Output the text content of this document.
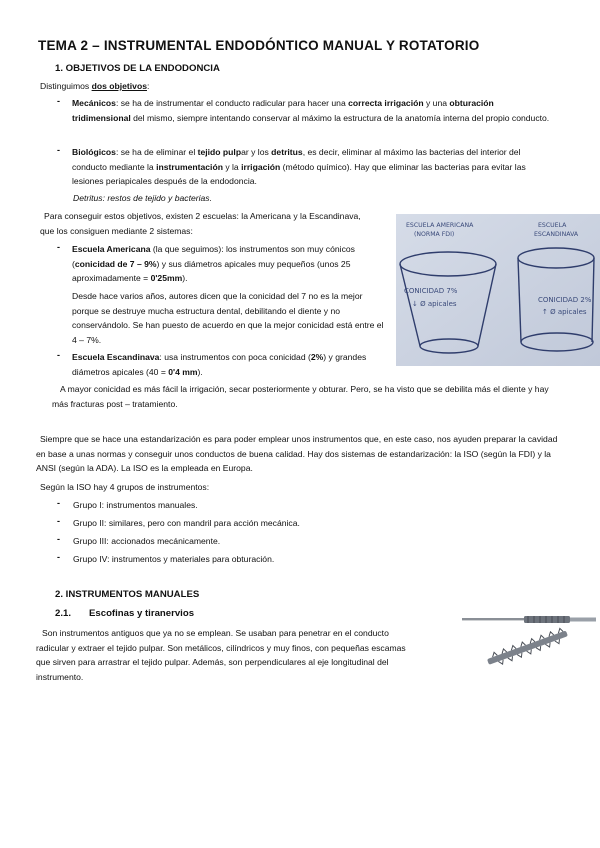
TEMA 2 – INSTRUMENTAL ENDODÓNTICO MANUAL Y ROTATORIO
1. OBJETIVOS DE LA ENDODONCIA
Distinguimos dos objetivos:
- Mecánicos: se ha de instrumentar el conducto radicular para hacer una correcta irrigación y una obturación tridimensional del mismo, siempre intentando conservar al máximo la estructura de la anatomía interna del propio conducto.
- Biológicos: se ha de eliminar el tejido pulpar y los detritus, es decir, eliminar al máximo las bacterias del interior del conducto mediante la instrumentación y la irrigación (método químico). Hay que eliminar las bacterias para evitar las lesiones periapicales después de la endodoncia.
Detritus: restos de tejido y bacterias.
Para conseguir estos objetivos, existen 2 escuelas: la Americana y la Escandinava, que los consiguen mediante 2 sistemas:
- Escuela Americana (la que seguimos): los instrumentos son muy cónicos (conicidad de 7 – 9%) y sus diámetros apicales muy pequeños (unos 25 aproximadamente = 0'25mm).
Desde hace varios años, autores dicen que la conicidad del 7 no es la mejor porque se destruye mucha estructura dental, debilitando el diente y no conservándolo. Se han puesto de acuerdo en que la mejor conicidad está entre el 4 – 7%.
- Escuela Escandinava: usa instrumentos con poca conicidad (2%) y grandes diámetros apicales (40 = 0'4 mm).
A mayor conicidad es más fácil la irrigación, secar posteriormente y obturar. Pero, se ha visto que se debilita más el diente y hay más fracturas post – tratamiento.
Siempre que se hace una estandarización es para poder emplear unos instrumentos que, en este caso, nos ayuden preparar la cavidad en base a unas normas y conseguir unos conductos de buena calidad. Hay dos sistemas de estandarización: la ISO (según la FDI) y la ANSI (según la ADA). La ISO es la empleada en Europa.
Según la ISO hay 4 grupos de instrumentos:
- Grupo I: instrumentos manuales.
- Grupo II: similares, pero con mandril para acción mecánica.
- Grupo III: accionados mecánicamente.
- Grupo IV: instrumentos y materiales para obturación.
ESCUELA AMERICANA
(NORMA FDI)
CONICIDAD 7%
↓ Ø apicales
ESCUELA
ESCANDINAVA
CONICIDAD 2%
↑ Ø apicales
2. INSTRUMENTOS MANUALES
2.1. Escofinas y tiranervios
Son instrumentos antiguos que ya no se emplean. Se usaban para penetrar en el conducto radicular y extraer el tejido pulpar. Son metálicos, cilíndricos y muy finos, con pequeñas escamas que sirven para arrastrar el tejido pulpar. Además, son perpendiculares al eje longitudinal del instrumento.
